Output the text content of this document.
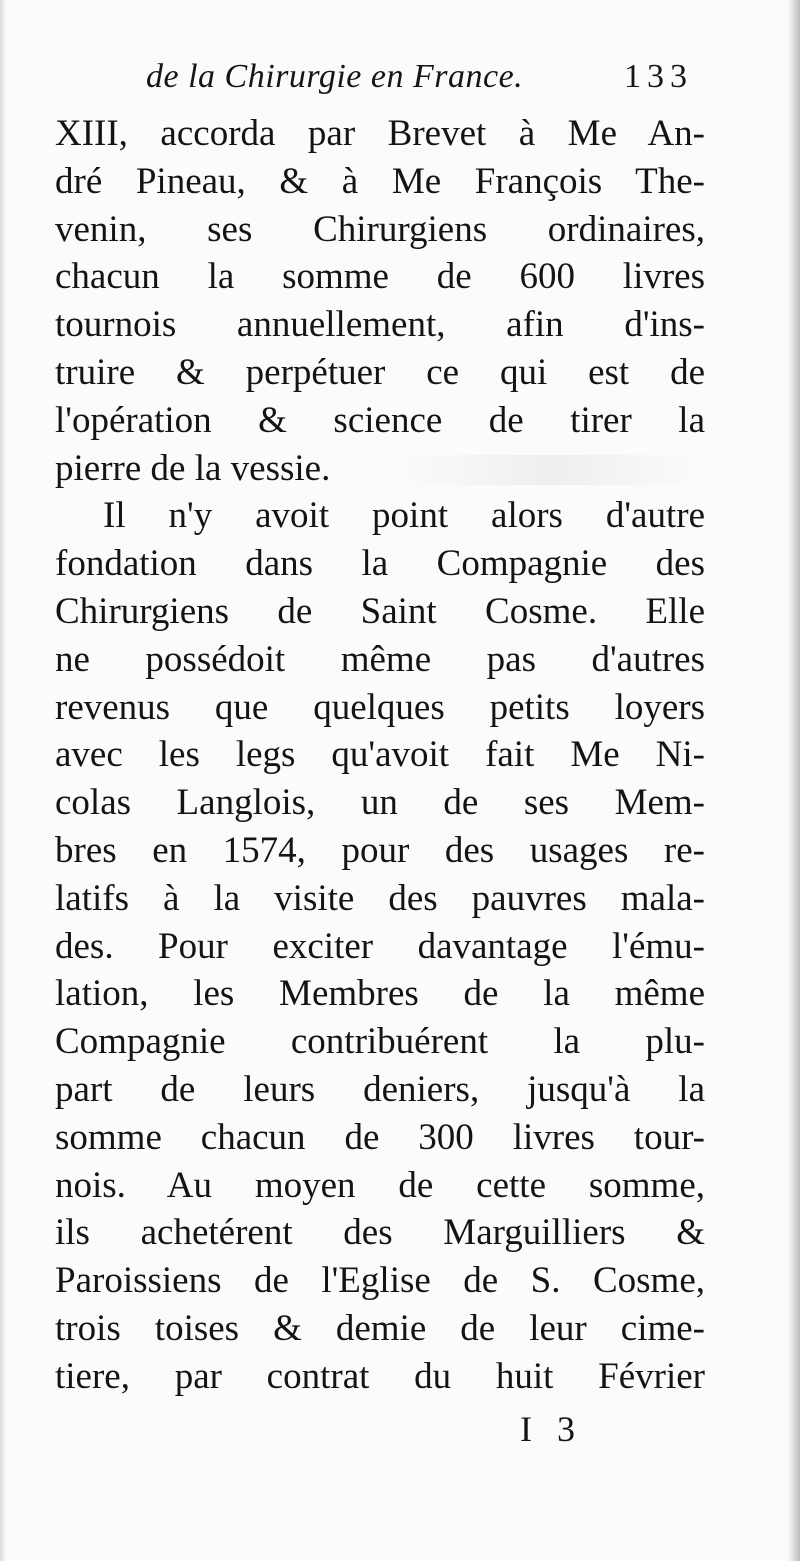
de la Chirurgie en France.	133
XIII, accorda par Brevet à Me An-
dré Pineau, & à Me François The-
venin, ses Chirurgiens ordinaires,
chacun la somme de 600 livres
tournois annuellement, afin d'ins-
truire & perpétuer ce qui est de
l'opération & science de tirer la
pierre de la vessie.
Il n'y avoit point alors d'autre
fondation dans la Compagnie des
Chirurgiens de Saint Cosme. Elle
ne possédoit même pas d'autres
revenus que quelques petits loyers
avec les legs qu'avoit fait Me Ni-
colas Langlois, un de ses Mem-
bres en 1574, pour des usages re-
latifs à la visite des pauvres mala-
des. Pour exciter davantage l'ému-
lation, les Membres de la même
Compagnie contribuérent la plu-
part de leurs deniers, jusqu'à la
somme chacun de 300 livres tour-
nois. Au moyen de cette somme,
ils achetérent des Marguilliers &
Paroissiens de l'Eglise de S. Cosme,
trois toises & demie de leur cime-
tiere, par contrat du huit Février
I 3
